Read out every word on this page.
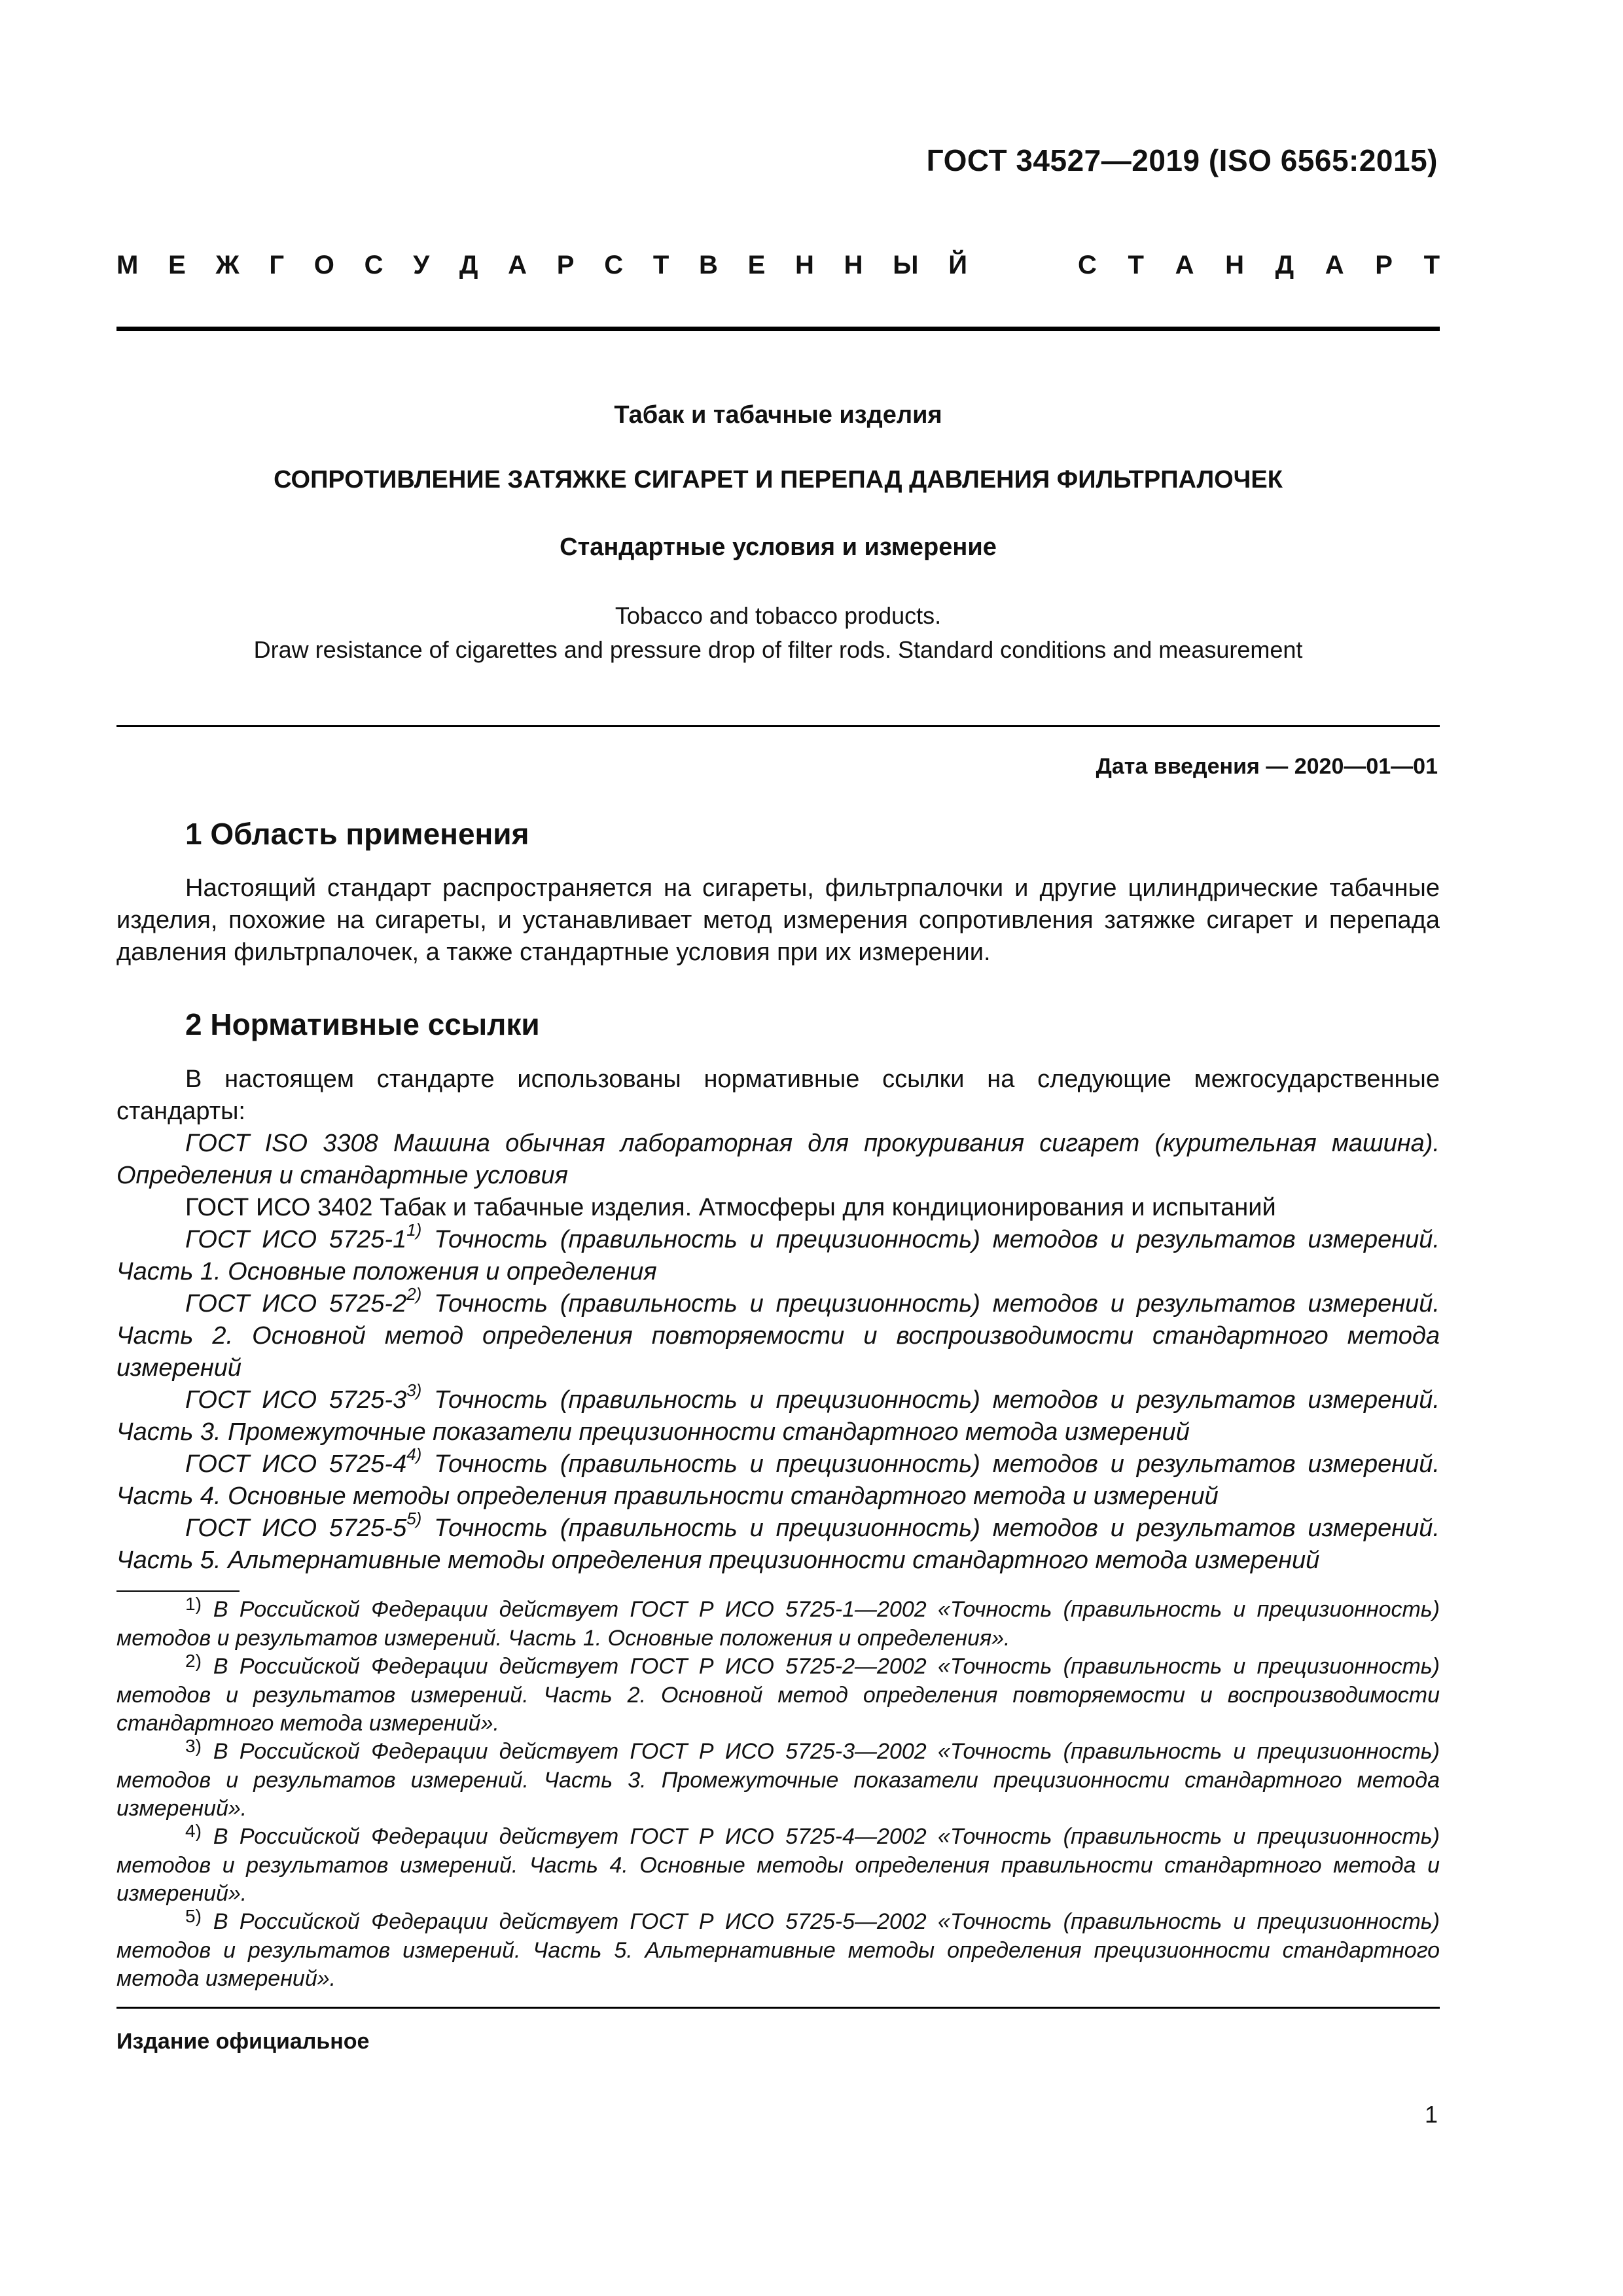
ГОСТ 34527—2019 (ISO 6565:2015)
М Е Ж Г О С У Д А Р С Т В Е Н Н Ы Й	С Т А Н Д А Р Т
Табак и табачные изделия
СОПРОТИВЛЕНИЕ ЗАТЯЖКЕ СИГАРЕТ И ПЕРЕПАД ДАВЛЕНИЯ ФИЛЬТРПАЛОЧЕК
Стандартные условия и измерение
Tobacco and tobacco products.
Draw resistance of cigarettes and pressure drop of filter rods. Standard conditions and measurement
Дата введения — 2020—01—01
1 Область применения
Настоящий стандарт распространяется на сигареты, фильтрпалочки и другие цилиндрические табачные изделия, похожие на сигареты, и устанавливает метод измерения сопротивления затяжке сигарет и перепада давления фильтрпалочек, а также стандартные условия при их измерении.
2 Нормативные ссылки

В настоящем стандарте использованы нормативные ссылки на следующие межгосударственные стандарты:

ГОСТ ISO 3308 Машина обычная лабораторная для прокуривания сигарет (курительная машина). Определения и стандартные условия

ГОСТ ИСО 3402 Табак и табачные изделия. Атмосферы для кондиционирования и испытаний

ГОСТ ИСО 5725-1$^{1)}$ Точность (правильность и прецизионность) методов и результатов измерений. Часть 1. Основные положения и определения

ГОСТ ИСО 5725-2$^{2)}$ Точность (правильность и прецизионность) методов и результатов измерений. Часть 2. Основной метод определения повторяемости и воспроизводимости стандартного метода измерений

ГОСТ ИСО 5725-3$^{3)}$ Точность (правильность и прецизионность) методов и результатов измерений. Часть 3. Промежуточные показатели прецизионности стандартного метода измерений

ГОСТ ИСО 5725-4$^{4)}$ Точность (правильность и прецизионность) методов и результатов измерений. Часть 4. Основные методы определения правильности стандартного метода и измерений

ГОСТ ИСО 5725-5$^{5)}$ Точность (правильность и прецизионность) методов и результатов измерений. Часть 5. Альтернативные методы определения прецизионности стандартного метода измерений

$^{1)}$ В Российской Федерации действует ГОСТ Р ИСО 5725-1—2002 «Точность (правильность и прецизионность) методов и результатов измерений. Часть 1. Основные положения и определения».

$^{2)}$ В Российской Федерации действует ГОСТ Р ИСО 5725-2—2002 «Точность (правильность и прецизионность) методов и результатов измерений. Часть 2. Основной метод определения повторяемости и воспроизводимости стандартного метода измерений».

$^{3)}$ В Российской Федерации действует ГОСТ Р ИСО 5725-3—2002 «Точность (правильность и прецизионность) методов и результатов измерений. Часть 3. Промежуточные показатели прецизионности стандартного метода измерений».

$^{4)}$ В Российской Федерации действует ГОСТ Р ИСО 5725-4—2002 «Точность (правильность и прецизионность) методов и результатов измерений. Часть 4. Основные методы определения правильности стандартного метода и измерений».

$^{5)}$ В Российской Федерации действует ГОСТ Р ИСО 5725-5—2002 «Точность (правильность и прецизионность) методов и результатов измерений. Часть 5. Альтернативные методы определения прецизионности стандартного метода измерений».

Издание официальное
1
